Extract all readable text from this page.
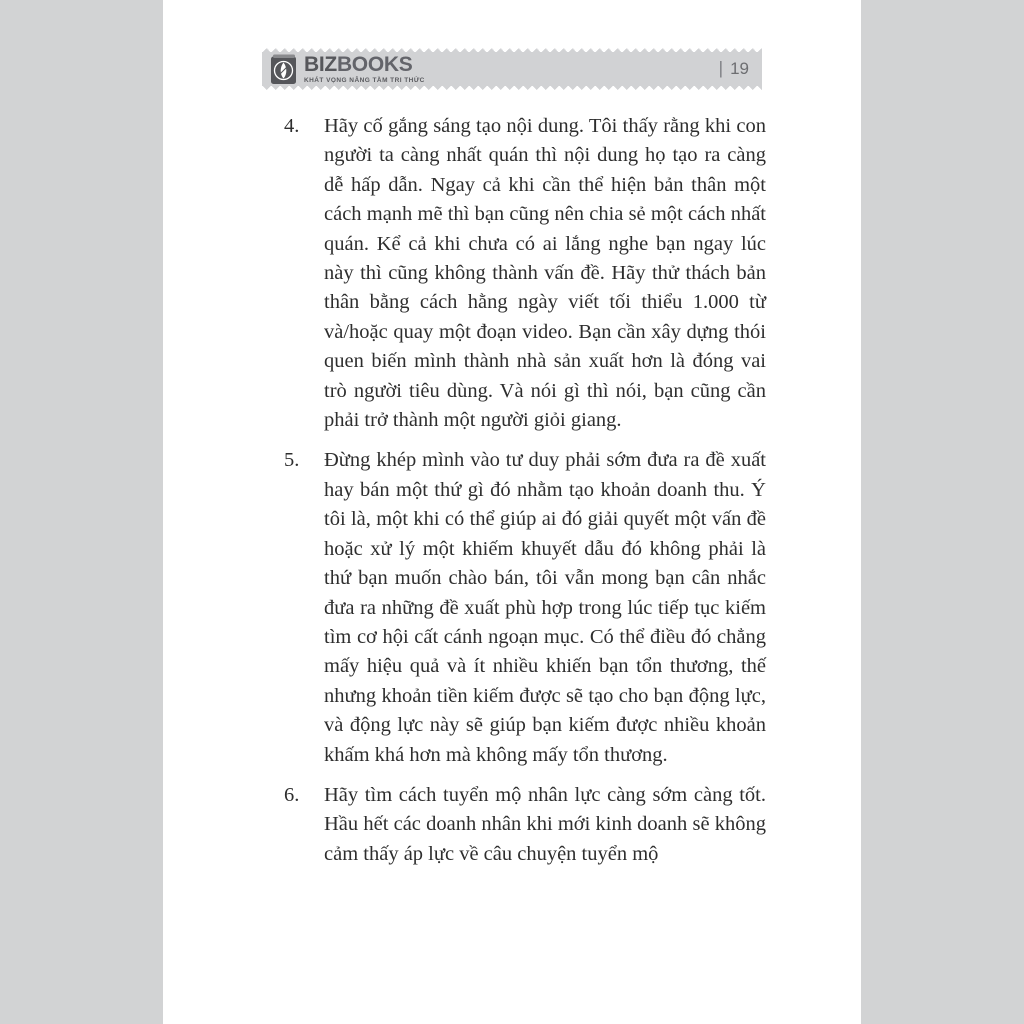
BIZBOOKS
KHÁT VỌNG NÂNG TẦM TRI THỨC
| 19
4.	Hãy cố gắng sáng tạo nội dung. Tôi thấy rằng khi con người ta càng nhất quán thì nội dung họ tạo ra càng dễ hấp dẫn. Ngay cả khi cần thể hiện bản thân một cách mạnh mẽ thì bạn cũng nên chia sẻ một cách nhất quán. Kể cả khi chưa có ai lắng nghe bạn ngay lúc này thì cũng không thành vấn đề. Hãy thử thách bản thân bằng cách hằng ngày viết tối thiểu 1.000 từ và/hoặc quay một đoạn video. Bạn cần xây dựng thói quen biến mình thành nhà sản xuất hơn là đóng vai trò người tiêu dùng. Và nói gì thì nói, bạn cũng cần phải trở thành một người giỏi giang.
5.	Đừng khép mình vào tư duy phải sớm đưa ra đề xuất hay bán một thứ gì đó nhằm tạo khoản doanh thu. Ý tôi là, một khi có thể giúp ai đó giải quyết một vấn đề hoặc xử lý một khiếm khuyết dẫu đó không phải là thứ bạn muốn chào bán, tôi vẫn mong bạn cân nhắc đưa ra những đề xuất phù hợp trong lúc tiếp tục kiếm tìm cơ hội cất cánh ngoạn mục. Có thể điều đó chẳng mấy hiệu quả và ít nhiều khiến bạn tổn thương, thế nhưng khoản tiền kiếm được sẽ tạo cho bạn động lực, và động lực này sẽ giúp bạn kiếm được nhiều khoản khấm khá hơn mà không mấy tổn thương.
6.	Hãy tìm cách tuyển mộ nhân lực càng sớm càng tốt. Hầu hết các doanh nhân khi mới kinh doanh sẽ không cảm thấy áp lực về câu chuyện tuyển mộ
